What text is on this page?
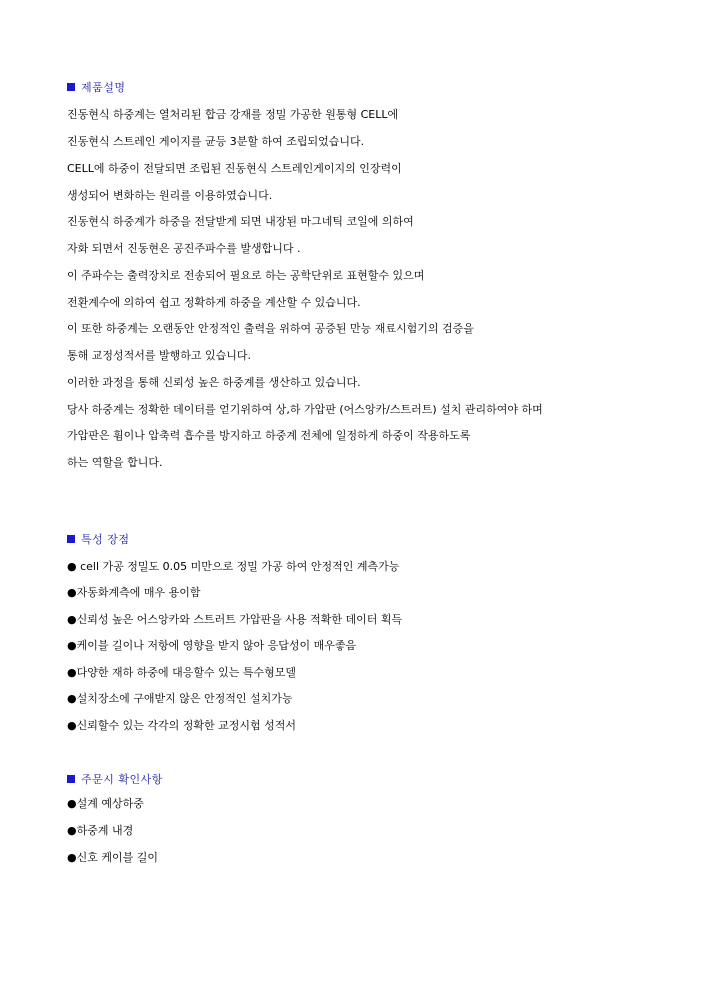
제품설명
진동현식 하중계는 열처리된 합금 강재를 정밀 가공한 원통형 CELL에
진동현식 스트레인 게이지를 균등 3분할 하여 조립되었습니다.
CELL에 하중이 전달되면 조립된 진동현식 스트레인게이지의 인장력이
생성되어 변화하는 원리를 이용하였습니다.
진동현식 하중계가 하중을 전달받게 되면 내장된 마그네틱 코일에 의하여
자화 되면서 진동현은 공진주파수를 발생합니다 .
이 주파수는 출력장치로 전송되어 필요로 하는 공학단위로 표현할수 있으며
전환계수에 의하여 쉽고 정확하게 하중을 계산할 수 있습니다.
이 또한 하중계는 오랜동안 안정적인 출력을 위하여 공증된 만능 재료시험기의 검증을
통해 교정성적서를 발행하고 있습니다.
이러한 과정을 통해 신뢰성 높은 하중계를 생산하고 있습니다.
당사 하중계는 정확한 데이터를 얻기위하여 상,하 가압판 (어스앙카/스트러트) 설치 관리하여야 하며
가압판은 휨이나 압축력 흡수를 방지하고 하중계 전체에 일정하게 하중이 작용하도록
하는 역할을 합니다.
특성 장점
● cell 가공 정밀도 0.05 미만으로 정밀 가공 하여 안정적인 계측가능
●자동화계측에 매우 용이함
●신뢰성 높은 어스앙카와 스트러트 가압판을 사용 적확한 데이터 획득
●케이블 길이나 저항에 영향을 받지 않아 응답성이 매우좋음
●다양한 재하 하중에 대응할수 있는 특수형모델
●설치장소에 구애받지 않은 안정적인 설치가능
●신뢰할수 있는 각각의 정확한 교정시험 성적서
주문시 확인사항
●설계 예상하중
●하중계 내경
●신호 케이블 길이
